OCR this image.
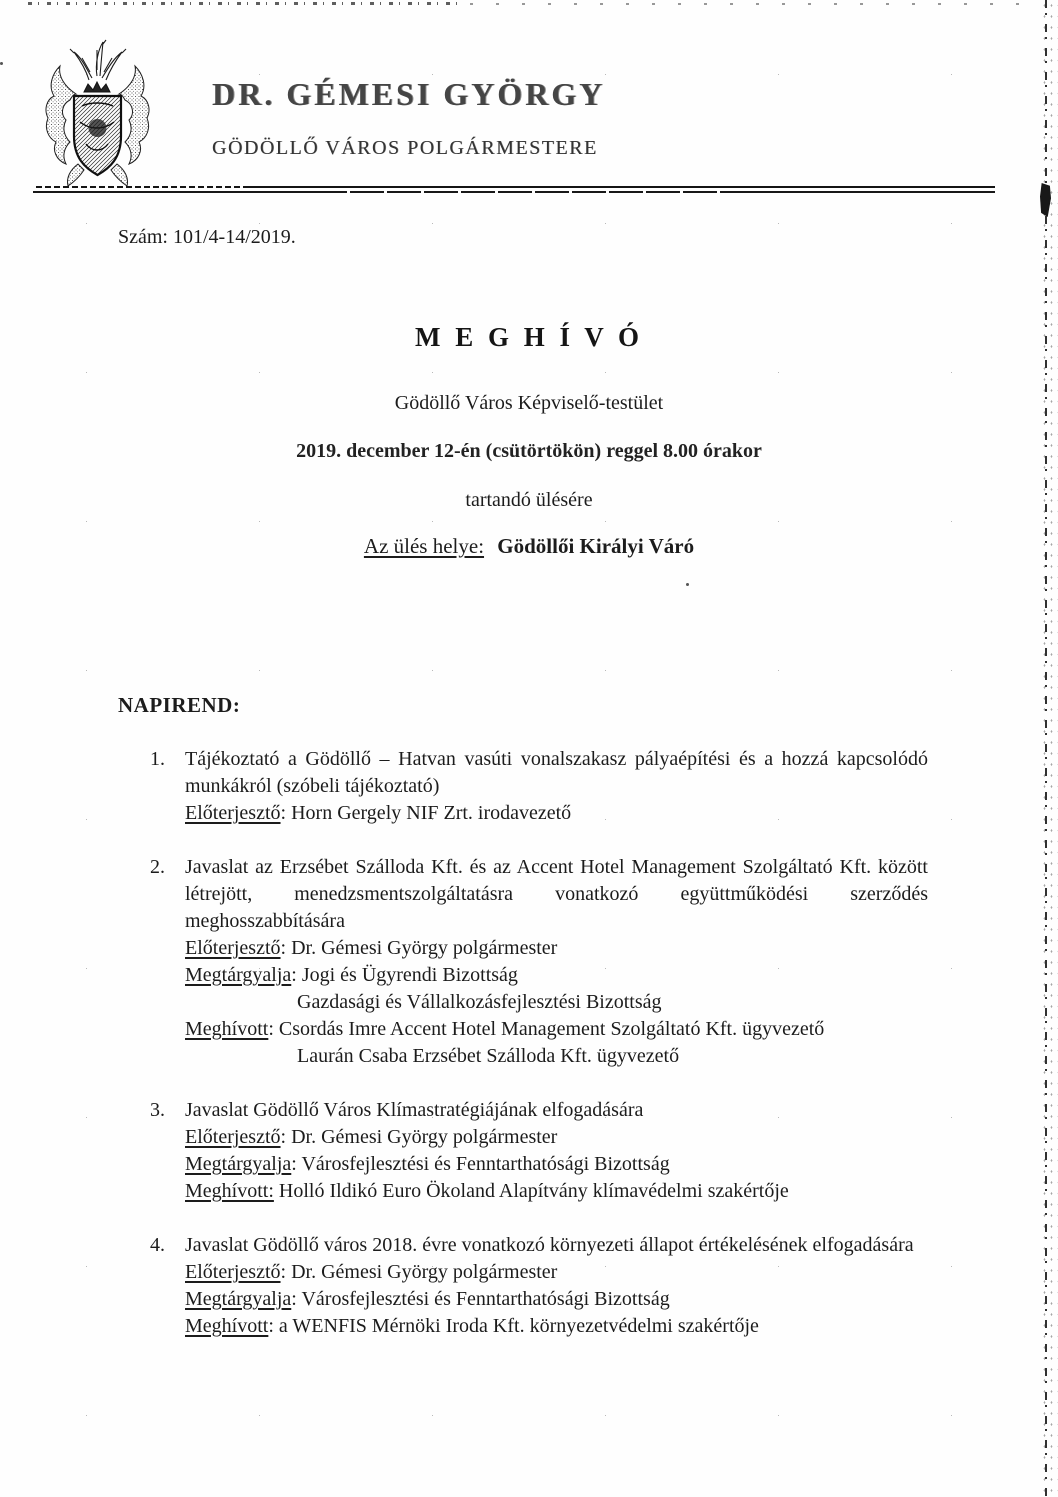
DR. GÉMESI GYÖRGY
GÖDÖLLŐ VÁROS POLGÁRMESTERE
Szám: 101/4-14/2019.
M E G H Í V Ó
Gödöllő Város Képviselő-testület
2019. december 12-én (csütörtökön) reggel 8.00 órakor
tartandó ülésére
Az ülés helye: Gödöllői Királyi Váró
NAPIREND:
1.	Tájékoztató a Gödöllő – Hatvan vasúti vonalszakasz pályaépítési és a hozzá kapcsolódó munkákról (szóbeli tájékoztató)
Előterjesztő: Horn Gergely NIF Zrt. irodavezető
2.	Javaslat az Erzsébet Szálloda Kft. és az Accent Hotel Management Szolgáltató Kft. között létrejött, menedzsmentszolgáltatásra vonatkozó együttműködési szerződés meghosszabbítására
Előterjesztő: Dr. Gémesi György polgármester
Megtárgyalja: Jogi és Ügyrendi Bizottság
Gazdasági és Vállalkozásfejlesztési Bizottság
Meghívott: Csordás Imre Accent Hotel Management Szolgáltató Kft. ügyvezető
Laurán Csaba Erzsébet Szálloda Kft. ügyvezető
3.	Javaslat Gödöllő Város Klímastratégiájának elfogadására
Előterjesztő: Dr. Gémesi György polgármester
Megtárgyalja: Városfejlesztési és Fenntarthatósági Bizottság
Meghívott: Holló Ildikó Euro Ökoland Alapítvány klímavédelmi szakértője
4.	Javaslat Gödöllő város 2018. évre vonatkozó környezeti állapot értékelésének elfogadására
Előterjesztő: Dr. Gémesi György polgármester
Megtárgyalja: Városfejlesztési és Fenntarthatósági Bizottság
Meghívott: a WENFIS Mérnöki Iroda Kft. környezetvédelmi szakértője
